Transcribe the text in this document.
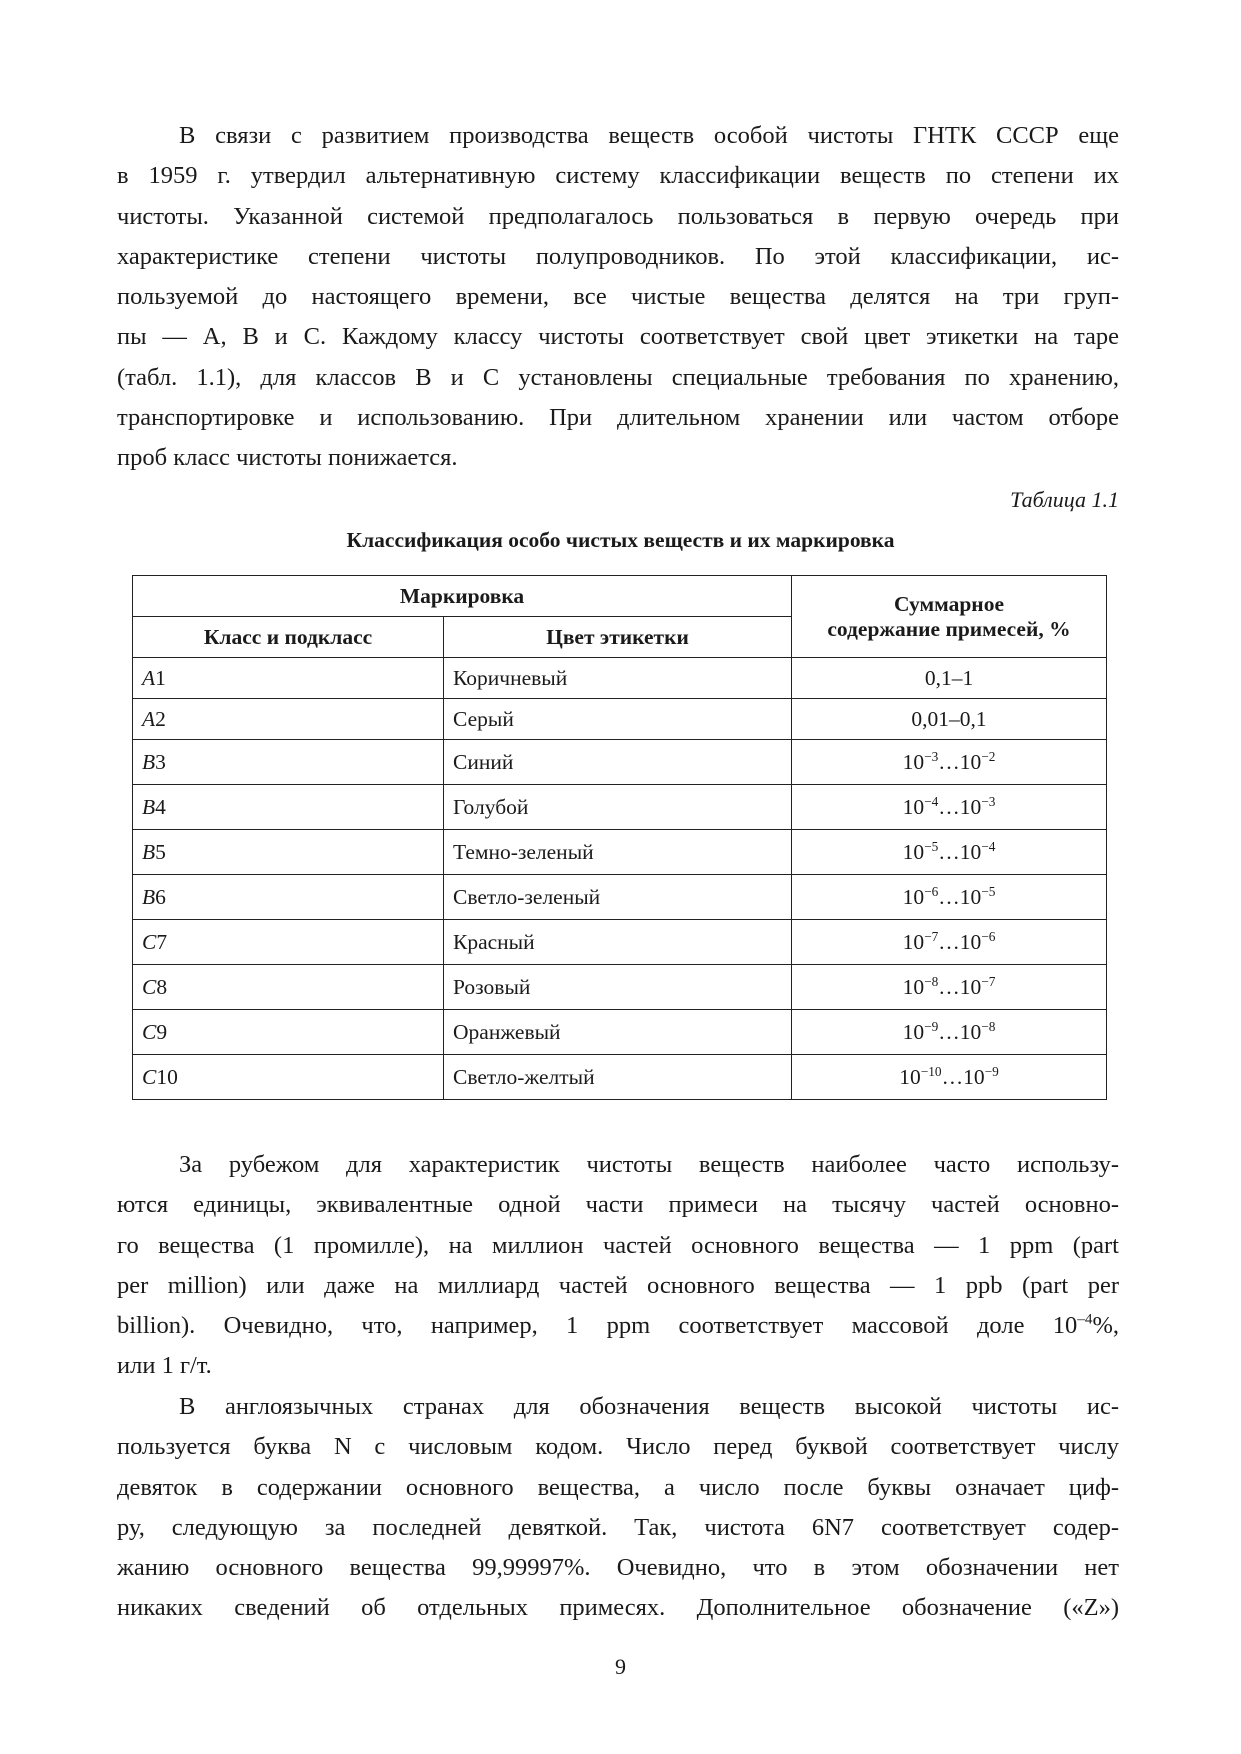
В связи с развитием производства веществ особой чистоты ГНТК СССР еще
в 1959 г. утвердил альтернативную систему классификации веществ по степени их
чистоты. Указанной системой предполагалось пользоваться в первую очередь при
характеристике степени чистоты полупроводников. По этой классификации, ис-
пользуемой до настоящего времени, все чистые вещества делятся на три груп-
пы — А, В и С. Каждому классу чистоты соответствует свой цвет этикетки на таре
(табл. 1.1), для классов В и С установлены специальные требования по хранению,
транспортировке и использованию. При длительном хранении или частом отборе
проб класс чистоты понижается.
Таблица 1.1
Классификация особо чистых веществ и их маркировка
Маркировка		Суммарное
содержание примесей, %
Класс и подкласс	Цвет этикетки	
A1	Коричневый	0,1–1
A2	Серый	0,01–0,1
B3	Синий	$10^{-3}\dots 10^{-2}$
B4	Голубой	$10^{-4}\dots 10^{-3}$
B5	Темно-зеленый	$10^{-5}\dots 10^{-4}$
B6	Светло-зеленый	$10^{-6}\dots 10^{-5}$
C7	Красный	$10^{-7}\dots 10^{-6}$
C8	Розовый	$10^{-8}\dots 10^{-7}$
C9	Оранжевый	$10^{-9}\dots 10^{-8}$
C10	Светло-желтый	$10^{-10}\dots 10^{-9}$
За рубежом для характеристик чистоты веществ наиболее часто использу-
ются единицы, эквивалентные одной части примеси на тысячу частей основно-
го вещества (1 промилле), на миллион частей основного вещества — 1 ppm (part
per million) или даже на миллиард частей основного вещества — 1 ppb (part per
billion). Очевидно, что, например, 1 ppm соответствует массовой доле $10^{-4}\%$,
или 1 г/т.
В англоязычных странах для обозначения веществ высокой чистоты ис-
пользуется буква N с числовым кодом. Число перед буквой соответствует числу
девяток в содержании основного вещества, а число после буквы означает циф-
ру, следующую за последней девяткой. Так, чистота 6N7 соответствует содер-
жанию основного вещества 99,99997%. Очевидно, что в этом обозначении нет
никаких сведений об отдельных примесях. Дополнительное обозначение («Z»)
9
